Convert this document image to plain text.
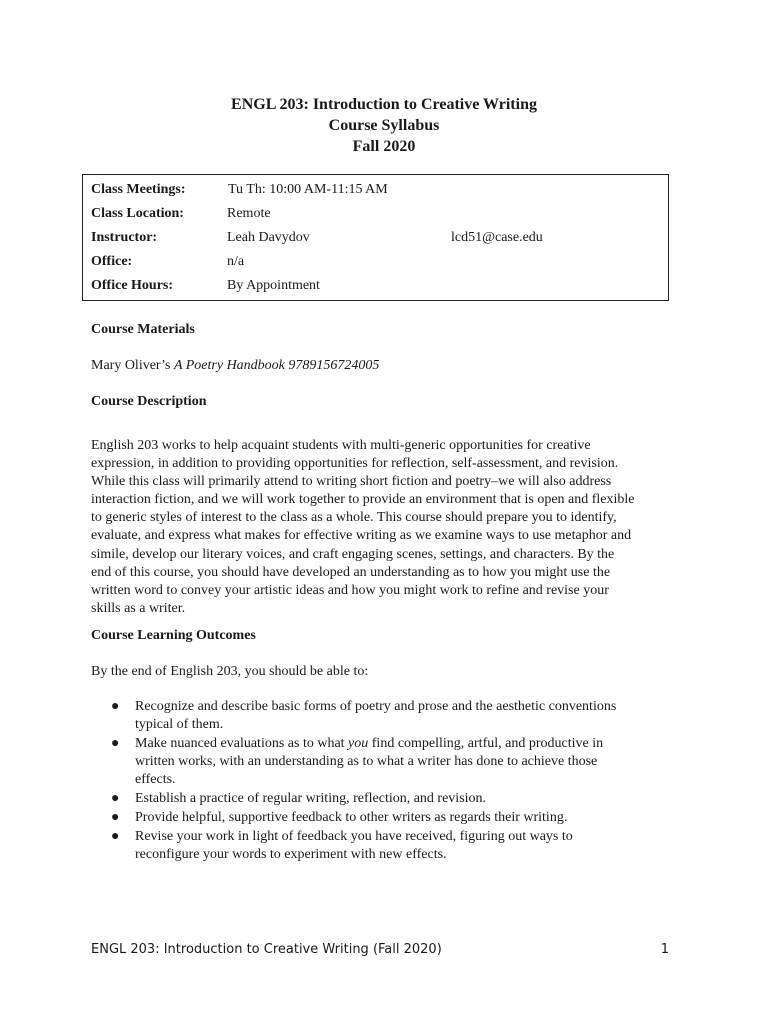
ENGL 203: Introduction to Creative Writing
Course Syllabus
Fall 2020
Class Meetings:	Tu Th: 10:00 AM-11:15 AM
Class Location:	Remote
Instructor:	Leah Davydov	lcd51@case.edu
Office:	n/a
Office Hours:	By Appointment
Course Materials
Mary Oliver’s A Poetry Handbook 9789156724005
Course Description
English 203 works to help acquaint students with multi-generic opportunities for creative
expression, in addition to providing opportunities for reflection, self-assessment, and revision.
While this class will primarily attend to writing short fiction and poetry–we will also address
interaction fiction, and we will work together to provide an environment that is open and flexible
to generic styles of interest to the class as a whole. This course should prepare you to identify,
evaluate, and express what makes for effective writing as we examine ways to use metaphor and
simile, develop our literary voices, and craft engaging scenes, settings, and characters. By the
end of this course, you should have developed an understanding as to how you might use the
written word to convey your artistic ideas and how you might work to refine and revise your
skills as a writer.
Course Learning Outcomes
By the end of English 203, you should be able to:
● Recognize and describe basic forms of poetry and prose and the aesthetic conventions
typical of them.
● Make nuanced evaluations as to what you find compelling, artful, and productive in
written works, with an understanding as to what a writer has done to achieve those
effects.
● Establish a practice of regular writing, reflection, and revision.
● Provide helpful, supportive feedback to other writers as regards their writing.
● Revise your work in light of feedback you have received, figuring out ways to
reconfigure your words to experiment with new effects.
ENGL 203: Introduction to Creative Writing (Fall 2020)	1
